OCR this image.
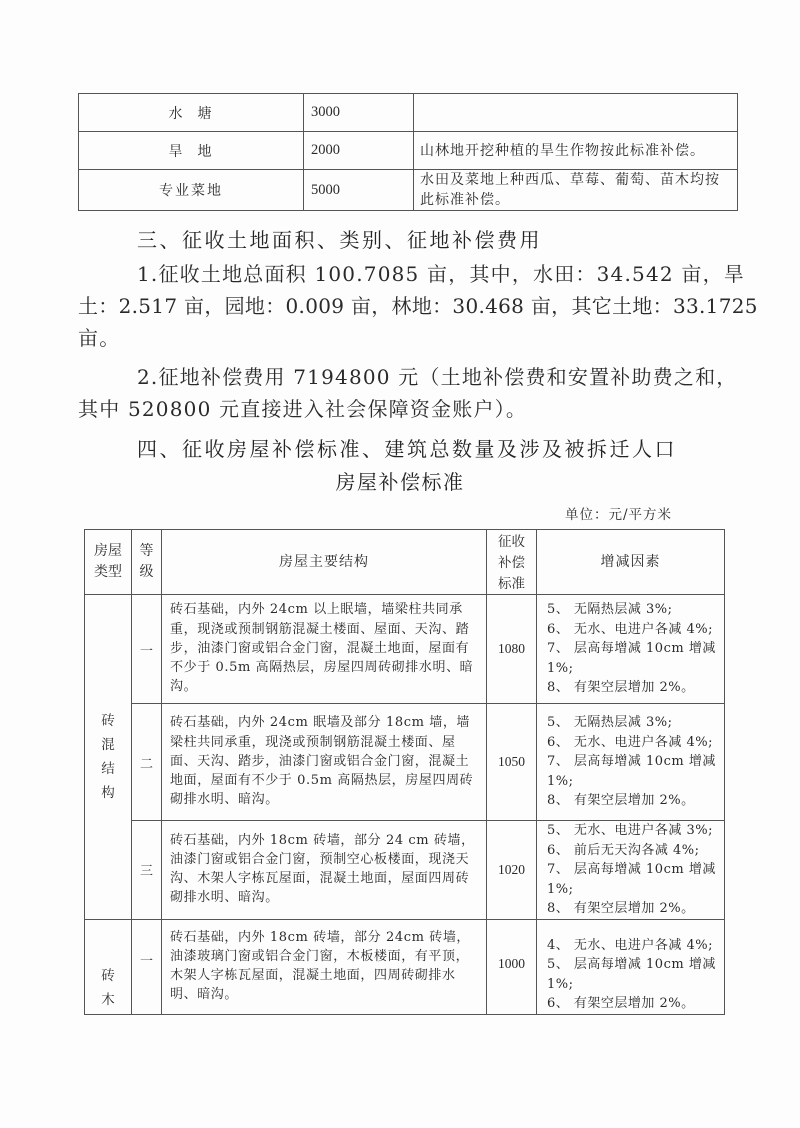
水  塘	3000	
旱  地	2000	山林地开挖种植的旱生作物按此标准补偿。
专业菜地	5000	水田及菜地上种西瓜、草莓、葡萄、苗木均按此标准补偿。
三、征收土地面积、类别、征地补偿费用
1.征收土地总面积 100.7085 亩，其中，水田：34.542 亩，旱
土：2.517 亩，园地：0.009 亩，林地：30.468 亩，其它土地：33.1725
亩。
2.征地补偿费用 7194800 元（土地补偿费和安置补助费之和，
其中 520800 元直接进入社会保障资金账户）。
四、征收房屋补偿标准、建筑总数量及涉及被拆迁人口
房屋补偿标准
单位：元/平方米
房屋类型	等级	房屋主要结构	征收补偿标准	增减因素
砖混结构	一	砖石基础，内外 24cm 以上眠墙，墙梁柱共同承重，现浇或预制钢筋混凝土楼面、屋面、天沟、踏步，油漆门窗或铝合金门窗，混凝土地面，屋面有不少于 0.5m 高隔热层，房屋四周砖砌排水明、暗沟。	1080	5、 无隔热层减 3%;
6、 无水、电进户各减 4%;
7、 层高每增减 10cm 增减 1%;
8、 有架空层增加 2%。

	二	砖石基础，内外 24cm 眠墙及部分 18cm 墙，墙梁柱共同承重，现浇或预制钢筋混凝土楼面、屋面、天沟、踏步，油漆门窗或铝合金门窗，混凝土地面，屋面有不少于 0.5m 高隔热层，房屋四周砖砌排水明、暗沟。	1050	5、 无隔热层减 3%;
6、 无水、电进户各减 4%;
7、 层高每增减 10cm 增减 1%;
8、 有架空层增加 2%。

	三	砖石基础，内外 18cm 砖墙，部分 24 cm 砖墙，油漆门窗或铝合金门窗，预制空心板楼面，现浇天沟、木架人字栋瓦屋面，混凝土地面，屋面四周砖砌排水明、暗沟。	1020	5、 无水、电进户各减 3%;
6、 前后无天沟各减 4%;
7、 层高每增减 10cm 增减 1%;
8、 有架空层增加 2%。

砖木	一	砖石基础，内外 18cm 砖墙，部分 24cm 砖墙，油漆玻璃门窗或铝合金门窗，木板楼面，有平顶，木架人字栋瓦屋面，混凝土地面，四周砖砌排水明、暗沟。	1000	4、 无水、电进户各减 4%;
5、 层高每增减 10cm 增减 1%;
6、 有架空层增加 2%。
